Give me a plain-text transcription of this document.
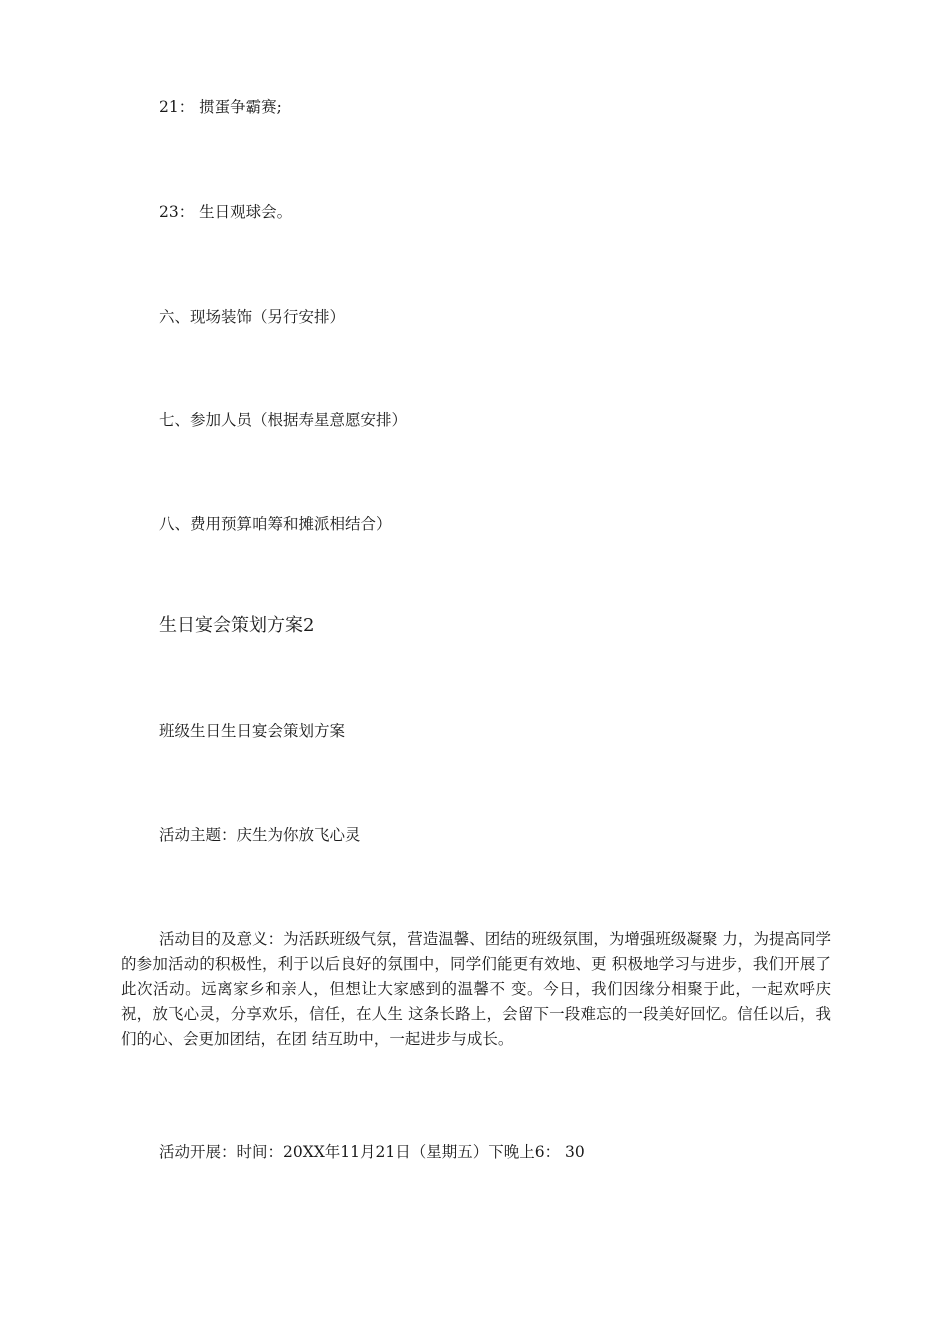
21： 掼蛋争霸赛;
23： 生日观球会。
六、现场装饰（另行安排）
七、参加人员（根据寿星意愿安排）
八、费用预算咱筹和摊派相结合）
生日宴会策划方案2
班级生日生日宴会策划方案
活动主题：庆生为你放飞心灵
活动目的及意义：为活跃班级气氛，营造温馨、团结的班级氛围，为增强班级凝聚 力，为提高同学的参加活动的积极性，利于以后良好的氛围中，同学们能更有效地、更 积极地学习与进步，我们开展了此次活动。远离家乡和亲人，但想让大家感到的温馨不 变。今日，我们因缘分相聚于此，一起欢呼庆祝，放飞心灵，分享欢乐，信任，在人生 这条长路上，会留下一段难忘的一段美好回忆。信任以后，我们的心、会更加团结，在团 结互助中，一起进步与成长。
活动开展：时间：20XX年11月21日（星期五）下晚上6： 30
